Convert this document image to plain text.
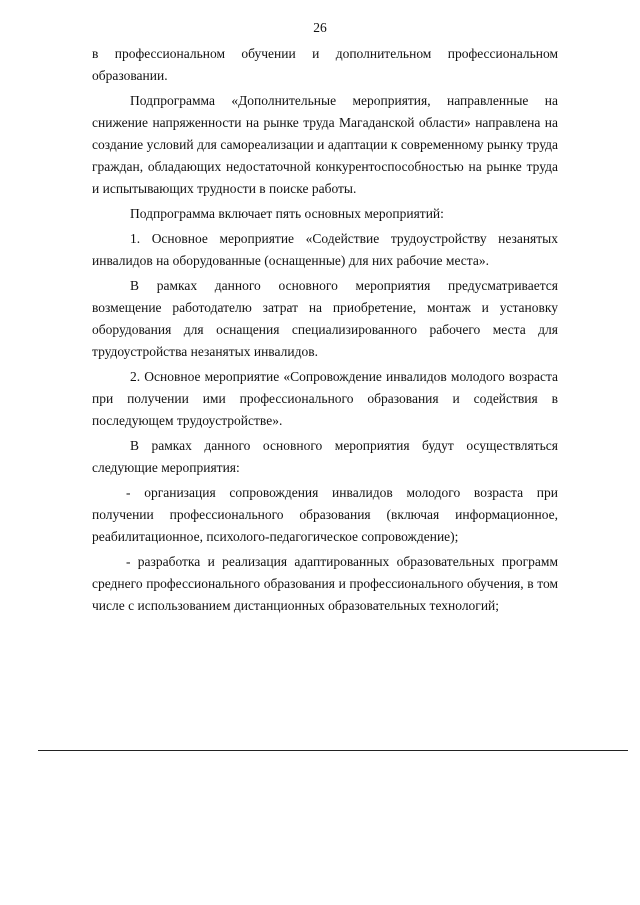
26

в профессиональном обучении и дополнительном профессиональном образовании.

Подпрограмма «Дополнительные мероприятия, направленные на снижение напряженности на рынке труда Магаданской области» направлена на создание условий для самореализации и адаптации к современному рынку труда граждан, обладающих недостаточной конкурентоспособностью на рынке труда и испытывающих трудности в поиске работы.

Подпрограмма включает пять основных мероприятий:

1. Основное мероприятие «Содействие трудоустройству незанятых инвалидов на оборудованные (оснащенные) для них рабочие места».

В рамках данного основного мероприятия предусматривается возмещение работодателю затрат на приобретение, монтаж и установку оборудования для оснащения специализированного рабочего места для трудоустройства незанятых инвалидов.

2. Основное мероприятие «Сопровождение инвалидов молодого возраста при получении ими профессионального образования и содействия в последующем трудоустройстве».

В рамках данного основного мероприятия будут осуществляться следующие мероприятия:

- организация сопровождения инвалидов молодого возраста при получении профессионального образования (включая информационное, реабилитационное, психолого-педагогическое сопровождение);

- разработка и реализация адаптированных образовательных программ среднего профессионального образования и профессионального обучения, в том числе с использованием дистанционных образовательных технологий;
